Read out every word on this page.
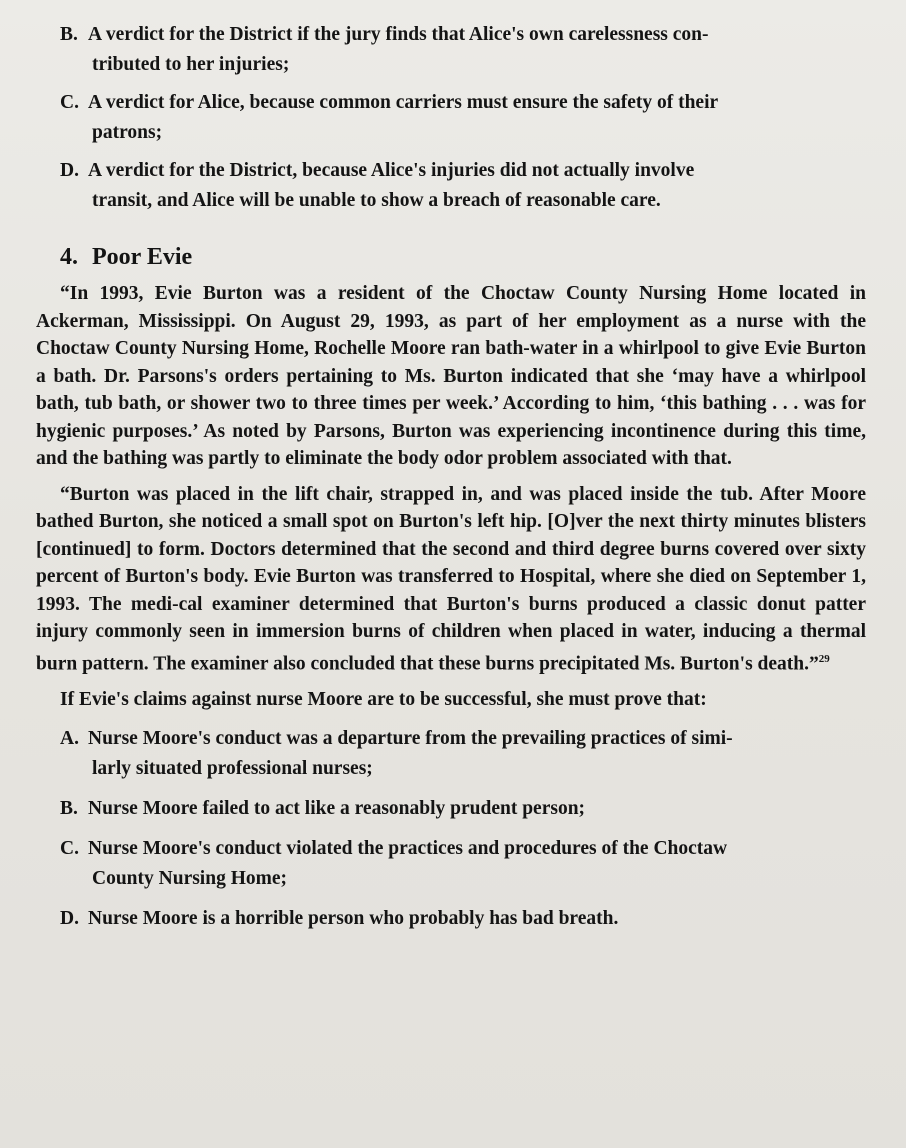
B. A verdict for the District if the jury finds that Alice's own carelessness con-
tributed to her injuries;
C. A verdict for Alice, because common carriers must ensure the safety of their
patrons;
D. A verdict for the District, because Alice's injuries did not actually involve
transit, and Alice will be unable to show a breach of reasonable care.
4. Poor Evie

“In 1993, Evie Burton was a resident of the Choctaw County Nursing Home located in Ackerman, Mississippi. On August 29, 1993, as part of her employment as a nurse with the Choctaw County Nursing Home, Rochelle Moore ran bath-water in a whirlpool to give Evie Burton a bath. Dr. Parsons's orders pertaining to Ms. Burton indicated that she ‘may have a whirlpool bath, tub bath, or shower two to three times per week.’ According to him, ‘this bathing . . . was for hygienic purposes.’ As noted by Parsons, Burton was experiencing incontinence during this time, and the bathing was partly to eliminate the body odor problem associated with that.

“Burton was placed in the lift chair, strapped in, and was placed inside the tub. After Moore bathed Burton, she noticed a small spot on Burton's left hip. [O]ver the next thirty minutes blisters [continued] to form. Doctors determined that the second and third degree burns covered over sixty percent of Burton's body. Evie Burton was transferred to Hospital, where she died on September 1, 1993. The medi-cal examiner determined that Burton's burns produced a classic donut patter injury commonly seen in immersion burns of children when placed in water, inducing a thermal burn pattern. The examiner also concluded that these burns precipitated Ms. Burton's death.”$^{29}$

If Evie's claims against nurse Moore are to be successful, she must prove that:

A. Nurse Moore's conduct was a departure from the prevailing practices of simi-
larly situated professional nurses;
B. Nurse Moore failed to act like a reasonably prudent person;
C. Nurse Moore's conduct violated the practices and procedures of the Choctaw
County Nursing Home;
D. Nurse Moore is a horrible person who probably has bad breath.
